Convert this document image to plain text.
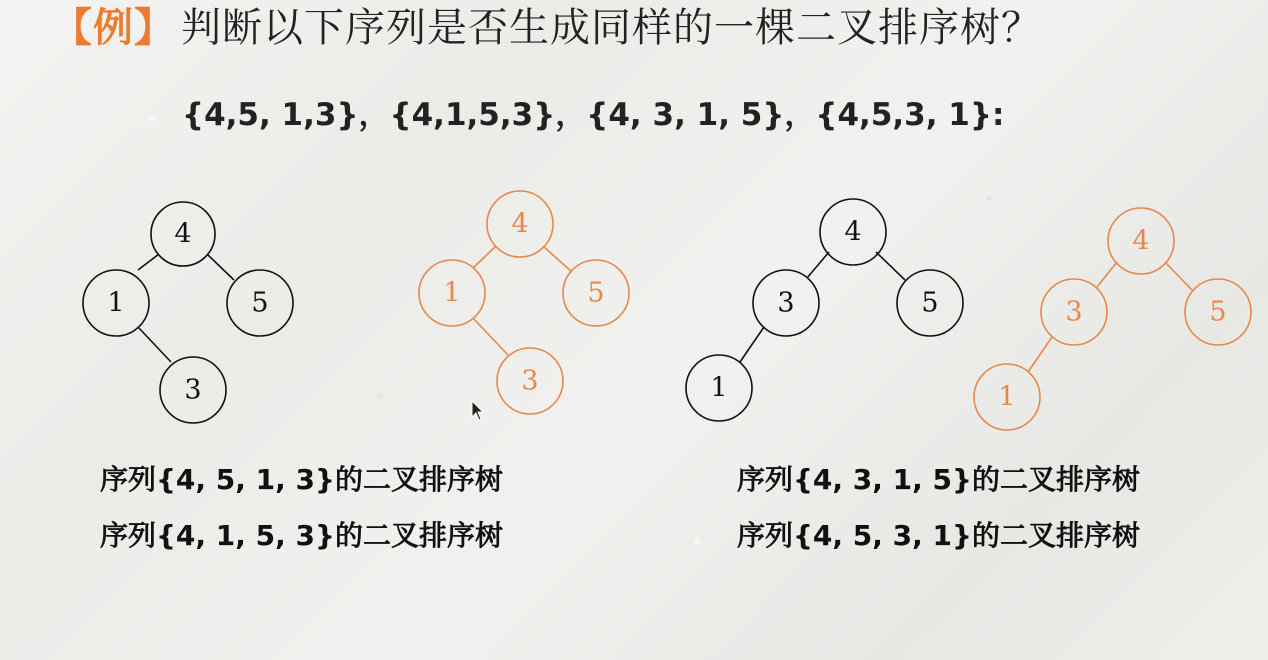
【例】 判断以下序列是否生成同样的一棵二叉排序树？
{4,5, 1,3}，{4,1,5,3}，{4, 3, 1, 5}，{4,5,3, 1}:
4
1	5
3
4
1	5
3
4
3	5
1
4
3	5
1
序列{4, 5, 1, 3}的二叉排序树
序列{4, 1, 5, 3}的二叉排序树
序列{4, 3, 1, 5}的二叉排序树
序列{4, 5, 3, 1}的二叉排序树
